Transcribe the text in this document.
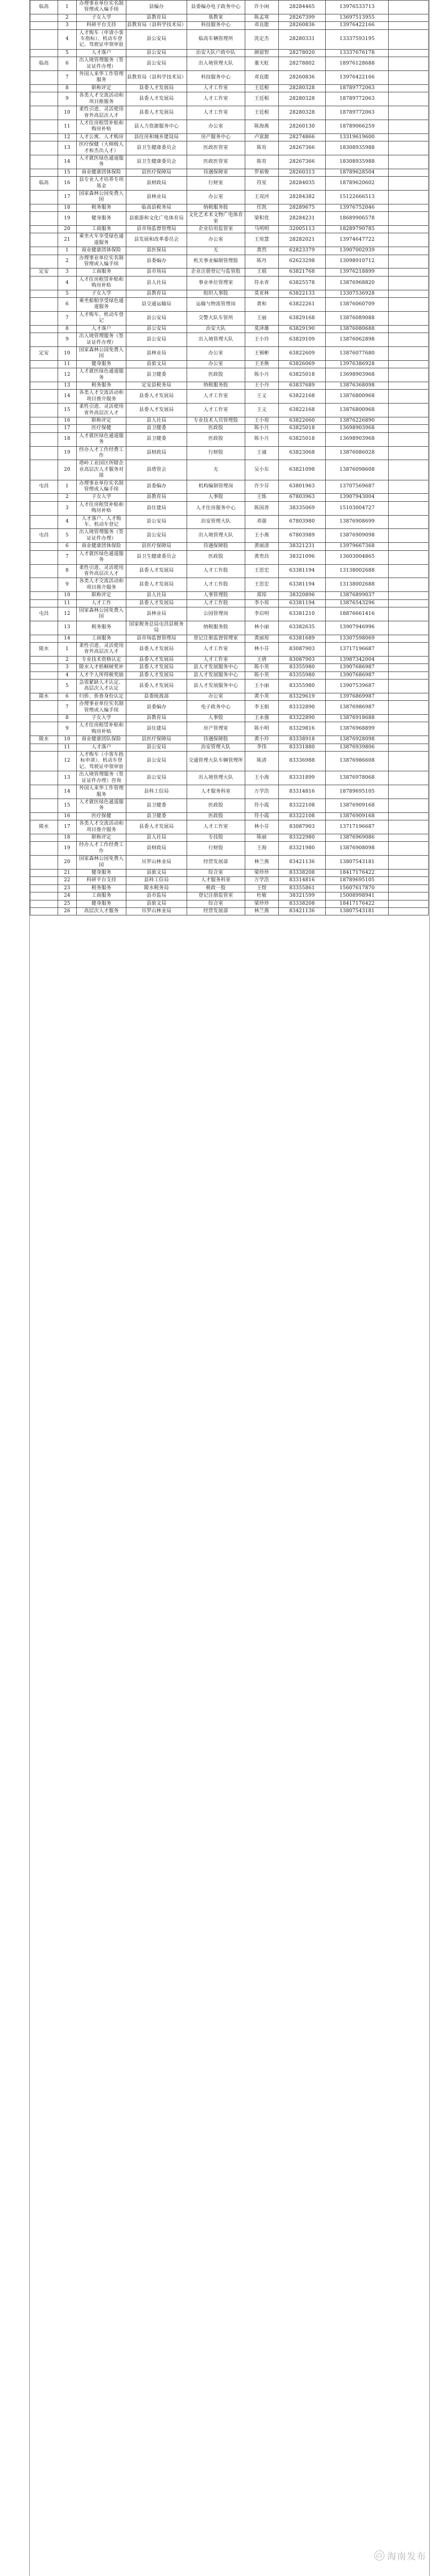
临高	1	办理事业单位实名制管理或入编手续	县编办	县委编办电子政务中心	许小闲	28284465	13976533713	
	2	子女入学	县教育局	基教室	陈孟寒	28267399	13697513955	
	3	科研平台支持	县教育局（县科学技术局）	科技服务中心	邓良能	28260836	13976422166	
	4	人才购车（申请小客车指标）、机动车登记、驾驶证申领审验	县公安局	临高车辆管理所	洗定杰	28280331	13337593195	
	5	人才落户	县公安局	治安大队户政中队	颜留智	28278020	13337676178	
临高	6	出入境管理服务（签证证件办理）	县公安局	出入境管理大队	董天虹	28278802	18976128688	
	7	外国人来华工作管理服务	县教育局（县科学技术局）	科技服务中心	邓良能	28260836	13976422166	
	8	职称评定	县委人才发展局	人才工作室	王廷根	28280328	18789772063	
	9	各类人才交流活动和项目推服务	县委人才发展局	人才工作室	王廷根	28280328	18789772063	
	10	柔性引进、灵活使用省外高层次人才	县委人才发展局	人才工作室	王廷根	28280328	18789772063	
	11	人才住房租赁补贴和购房补贴	县人力资源服务中心	办公室	陈海燕	28260130	18789066259	
	12	人才公寓、人才购房	县住房和城乡建设局	房产服务中心	卢富源	28274866	13319619600	
	13	医疗保健（大师级人才和杰出人才）	县卫生健康委员会	医政医管室	陈育	28267366	18308935988	
	14	人才就医绿色通道服务	县卫生健康委员会	医政医管室	陈育	28267366	18308935988	
	15	商业健康团体保险	县医疗保障局	待遇保障室	罗裕俊	28260313	18789628504	
临高	16	县专业人才培养专项基金	县财政局	行财室	符星	28284035	18789620602	
	17	国家森林公园免费入园	县林业局	办公室	王双河	28284382	15122666513	
	18	税务服务	临高县税务局	纳税服务股	任凯	28289675	13976752046	
	19	健身服务	县旅游和文化广电体育局	文化艺术术文物广电体育室	梁积优	28284231	18689906578	
	20	工商服务	县市场监督管理局	企业信用监管室	马明明	32005113	18289790785	
	21	乘坐火车享受绿色通道服务	县发展和改革委员会	办公室	王琼慧	28282021	13974647722	
	1	商业健康团体保险	县医保局	无	黄烈	62823379	13907002939	
	2	办理事业单位实名制管理或入编手续	县委编办	机关事业编制管理股	陈丹	62623298	13098910712	
定安	3	工商服务	县市场局	企业注册登记与监管股	王娟	63821768	13976218899	
	4	人才住房租赁补贴和购房补贴	县人社局	事业单位管理室	符永青	63825578	13876968820	
	5	子女入学	县教育局	组织人事股	莫亚林	63822133	13307536928	
	6	乘坐船舶享受绿色通道服务	县交通运输局	运输与物流管理岗	黄和	63822261	13876060709	
	7	人才购车、机动车登记	县公安局	交警大队车管所	王丽	63829168	13876089088	
	8	人才落户	县公安局	治安大队	莫泽雄	63829190	13876080688	
	9	出入境管理服务（签证证件办理）	县公安局	出入境管理大队	王小玲	63829109	13876062898	
定安	10	国家森林公园免费入园	县林业局	办公室	王锡彬	63822609	13876077680	
	11	健身服务	县旅文局	办公室	王圣焕	63826069	13976386928	
	12	人才就医绿色通道服务	县卫健委	医政股	陈小月	63825018	13698903968	
	13	税务服务	定安县税务局	纳税服务股	王小丹	63837689	13876368098	
	14	各类人才交流活动和项目推介服务	县委人才发展局	人才工作室	王义	63822168	13876800968	
	15	柔性引进、灵活使用省外高层次人才	县委人才发展局	人才工作室	王义	63822168	13876800968	
	16	职称评定	县人社局	专业技术人员管理股	王小琼	63822660	13876226890	
	17	医疗保健	县卫健委	医政股	陈小月	63825018	13698903968	
	18	人才就医绿色通道服务	县卫健委	医政股	陈小月	63825018	13698903968	
	19	经办人才工作经费工作	县财政局	行财股	王诚	63823068	13876086028	
	20	塔岭工业园区所辖企业高层次人才服务对接	县塔管会	无	吴小东	63821098	13876098608	
屯昌	1	办理事业单位实名制管理或入编手续	县委编办	机构编制管理岗	许少芬	63801963	13707569687	
	2	子女入学	县教育局	人事股	王炼	67803963	13907943004	
	3	人才住房租赁补贴和购房补贴	县住建局	人才住房服务中心	陈国善	38335069	15103004727	
	4	人才落户、人才购车、机动车登记	县公安局	治安管理大队	邓强	67803980	13876908699	
屯昌	5	出入境管理服务（签证证件办理）	县公安局	出入境管理大队	王小燕	67803989	13876909098	
	6	商业健康团体保险	县医疗保障局	待遇保障股	黄丽清	38321231	13979667368	
	7	人才就医绿色通道服务	县卫生健康委员会	医政股	黄贵昌	38321096	13603004865	
	8	柔性引进、灵活使用省外高层次人才	县委人才发展局	人才工作股	王思宏	63381194	13138002688	
	9	各类人才交流活动和项目推介服务	县委人才发展局	人才工作股	王思宏	63381194	13138002688	
	10	职称评定	县人社局	人事管理股	郑琼	38320896	13876899037	
	11	人才工作	县委人才发展局	人才工作股	李小琼	63381194	13876543296	
屯昌	12	国家森林公园免费入园	县林业局	公园管理岗	李启明	63381210	18876661416	
	13	税务服务	国家税务总局屯昌县税务局	纳税服务股	林小丽	63382635	13907946996	
	14	工商服务	县市场监督管理局	登记注册监督管理室	黄丽琼	63381689	13307598069	
陵水	1	柔性引进、灵活使用省外高层次人才	县委人才发展局	人才工作室	林小芬	83087903	13717196687	
	2	专业技术资格认定	县委人才发展局	人才工作室	王倩	83087903	13987342004	
	3	陵水人才梧桐树奖补	县委人才发展局	县人才发展服务中心	陈小英	83355980	13907686987	
	4	人才个人所得税奖励	县委人才发展局	县人才发展服务中心	陈小英	83355980	13907686987	
	5	急需紧缺人才认定、高层次人才认定	县委人才发展局	县人才发展服务中心	王小丽	83355980	13907539687	
陵水	6	归侨、侨眷身份认定	县委统战部	办公室	黄小英	83329619	13976869987	
	7	办理事业单位实名制管理或入编手续	县委编办	电子政务中心	李玉娟	83332890	13876986987	
	8	子女入学	县教育局	人事股	王永强	83322890	13876918688	
	9	人才住房租赁补贴和购房补贴	县住建局	房产管理室	陈小明	83329816	13876968899	
陵水	10	商业健康团队保险	县医疗保障局	待遇保障股	黄小玲	83338918	13876928098	
	11	人才落户	县公安局	治安管理大队	李伟	83331880	13876939806	
	12	人才购车（小客车指标申请）、机动车登记、驾驶证申领审验	县公安局	交通管理大队车辆管理所	陈清	83336988	13876986608	
	13	出入境管理服务（签证证件办理）咨询	县公安局	出入境管理大队	王小海	83331899	13876978068	
	14	外国人来华工作管理服务	县科工信局	人才服务科室	万学浩	83314816	18789695105	
	15	人才就医绿色通道服务	县卫健委	医政股	符小霞	83322108	13876909168	
	16	医疗保健	县卫健委	医政股	符小霞	83322108	13876909168	
陵水	17	各类人才交流活动和项目推介服务	县委人才发展局	人才工作室	林小芬	83087903	13717196687	
	18	职称评定	县人社局	专技股	陈丽	83322980	13876969086	
	19	经办人才工作经费工作	县财政局	行财股	王海	83321980	13876908098	
	20	国家森林公园免费入园	吊罗山林业局	经营发展部	林兰燕	83421136	13807543181	
	21	健身服务	县旅文局	综合室	梁珍珍	83338208	18417176422	
	22	科研平台支持	县科工信局	人才服务科室	万学浩	83314816	18789695105	
	23	税务服务	陵水税务局	税政一股	王煜	83355861	15607617870	
	24	工商服务	县市监局	登记注册监管室	杜敏	38321599	15008998941	
	25	健身服务	县旅文局	综合室	梁珍珍	83338208	18417176422	
	26	高层次人才服务	吊罗山林业局	经营发展部	林兰燕	83421136	13807543181	
海南发布
